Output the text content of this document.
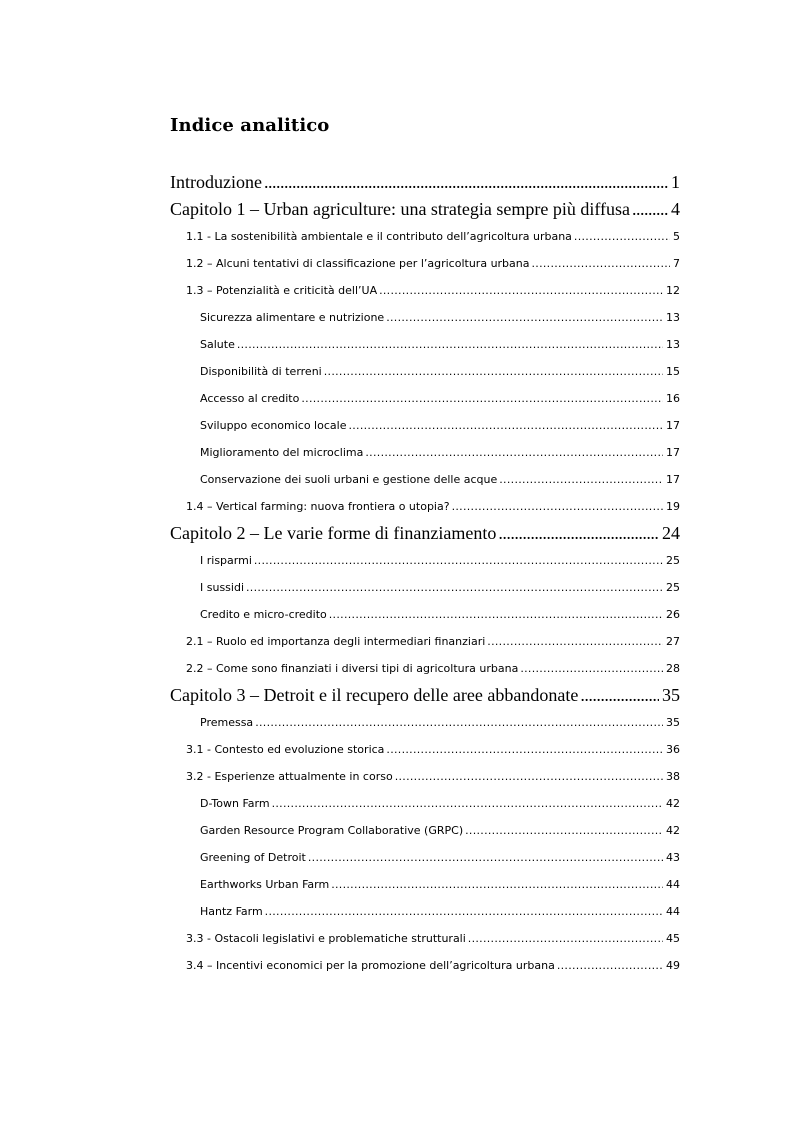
Indice analitico
Introduzione . . .	1
Capitolo 1 – Urban agriculture: una strategia sempre più diffusa . . . 4
1.1 - La sostenibilità ambientale e il contributo dell’agricoltura urbana . . .	5
1.2 – Alcuni tentativi di classificazione per l’agricoltura urbana . . .	7
1.3 – Potenzialità e criticità dell’UA . . .	12
Sicurezza alimentare e nutrizione . . .	13
Salute . . .	13
Disponibilità di terreni . . .	15
Accesso al credito . . .	16
Sviluppo economico locale . . .	17
Miglioramento del microclima . . .	17
Conservazione dei suoli urbani e gestione delle acque . . .	17
1.4 – Vertical farming: nuova frontiera o utopia? . . .	19
Capitolo 2 – Le varie forme di finanziamento . . .	24
I risparmi . . .	25
I sussidi . . .	25
Credito e micro-credito . . .	26
2.1 – Ruolo ed importanza degli intermediari finanziari . . .	27
2.2 – Come sono finanziati i diversi tipi di agricoltura urbana . . .	28
Capitolo 3 – Detroit e il recupero delle aree abbandonate . . .	35
Premessa . . .	35
3.1 - Contesto ed evoluzione storica . . .	36
3.2 - Esperienze attualmente in corso . . .	38
D-Town Farm . . .	42
Garden Resource Program Collaborative (GRPC) . . .	42
Greening of Detroit . . .	43
Earthworks Urban Farm . . .	44
Hantz Farm . . .	44
3.3 - Ostacoli legislativi e problematiche strutturali . . .	45
3.4 – Incentivi economici per la promozione dell’agricoltura urbana . . .	49
